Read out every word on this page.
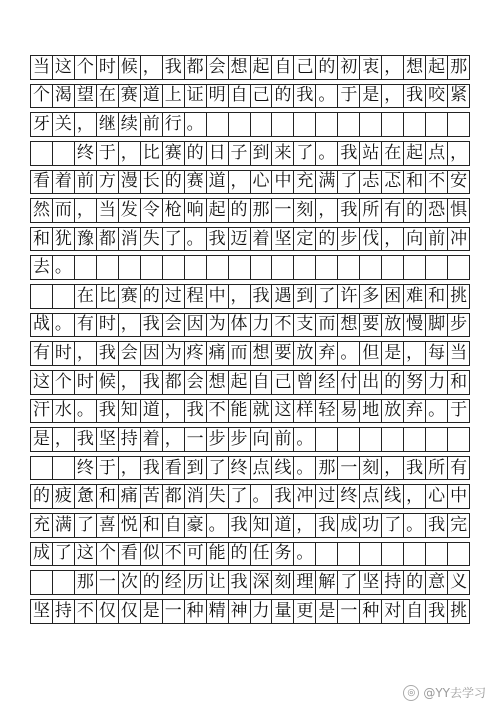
当 这 个 时 候 ， 我 都 会 想 起 自 己 的 初 衷 ， 想 起 那
个 渴 望 在 赛 道 上 证 明 自 己 的 我 。 于 是 ， 我 咬 紧
牙 关 ， 继 续 前 行 。

终 于 ， 比 赛 的 日 子 到 来 了 。 我 站 在 起 点 ，
看 着 前 方 漫 长 的 赛 道 ， 心 中 充 满 了 忐 忑 和 不 安
然 而 ， 当 发 令 枪 响 起 的 那 一 刻 ， 我 所 有 的 恐 惧
和 犹 豫 都 消 失 了 。 我 迈 着 坚 定 的 步 伐 ， 向 前 冲
去 。

在 比 赛 的 过 程 中 ， 我 遇 到 了 许 多 困 难 和 挑
战 。 有 时 ， 我 会 因 为 体 力 不 支 而 想 要 放 慢 脚 步
有 时 ， 我 会 因 为 疼 痛 而 想 要 放 弃 。 但 是 ， 每 当
这 个 时 候 ， 我 都 会 想 起 自 己 曾 经 付 出 的 努 力 和
汗 水 。 我 知 道 ， 我 不 能 就 这 样 轻 易 地 放 弃 。 于
是 ， 我 坚 持 着 ， 一 步 步 向 前 。

终 于 ， 我 看 到 了 终 点 线 。 那 一 刻 ， 我 所 有
的 疲 惫 和 痛 苦 都 消 失 了 。 我 冲 过 终 点 线 ， 心 中
充 满 了 喜 悦 和 自 豪 。 我 知 道 ， 我 成 功 了 。 我 完
成 了 这 个 看 似 不 可 能 的 任 务 。

那 一 次 的 经 历 让 我 深 刻 理 解 了 坚 持 的 意 义
坚 持 不 仅 仅 是 一 种 精 神 力 量 更 是 一 种 对 自 我 挑
◎ @YY去学习
